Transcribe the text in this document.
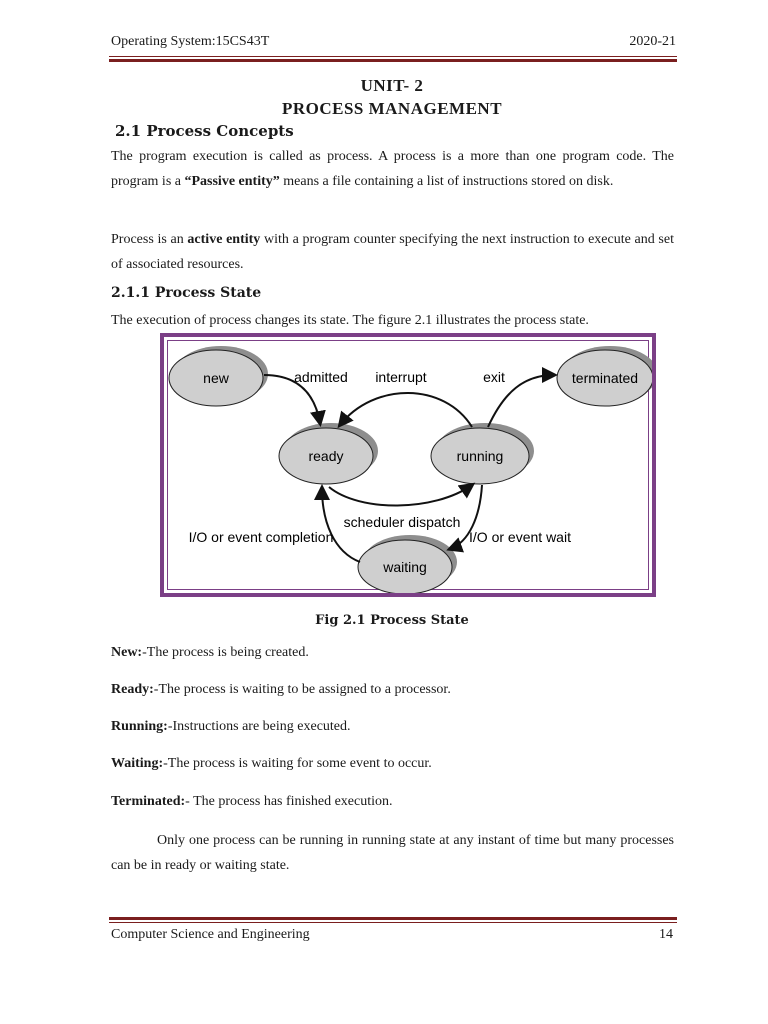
Operating System:15CS43T	2020-21
UNIT- 2
PROCESS MANAGEMENT
2.1 Process Concepts
The program execution is called as process. A process is a more than one program code. The program is a “Passive entity” means a file containing a list of instructions stored on disk.
Process is an active entity with a program counter specifying the next instruction to execute and set of associated resources.
2.1.1 Process State
The execution of process changes its state. The figure 2.1 illustrates the process state.
new
ready	running
terminated
waiting
admitted interrupt	exit
scheduler dispatch
I/O or event completion	I/O or event wait
Fig 2.1 Process State
New:-The process is being created.
Ready:-The process is waiting to be assigned to a processor.
Running:-Instructions are being executed.
Waiting:-The process is waiting for some event to occur.
Terminated:- The process has finished execution.
Only one process can be running in running state at any instant of time but many processes can be in ready or waiting state.
Computer Science and Engineering	14
